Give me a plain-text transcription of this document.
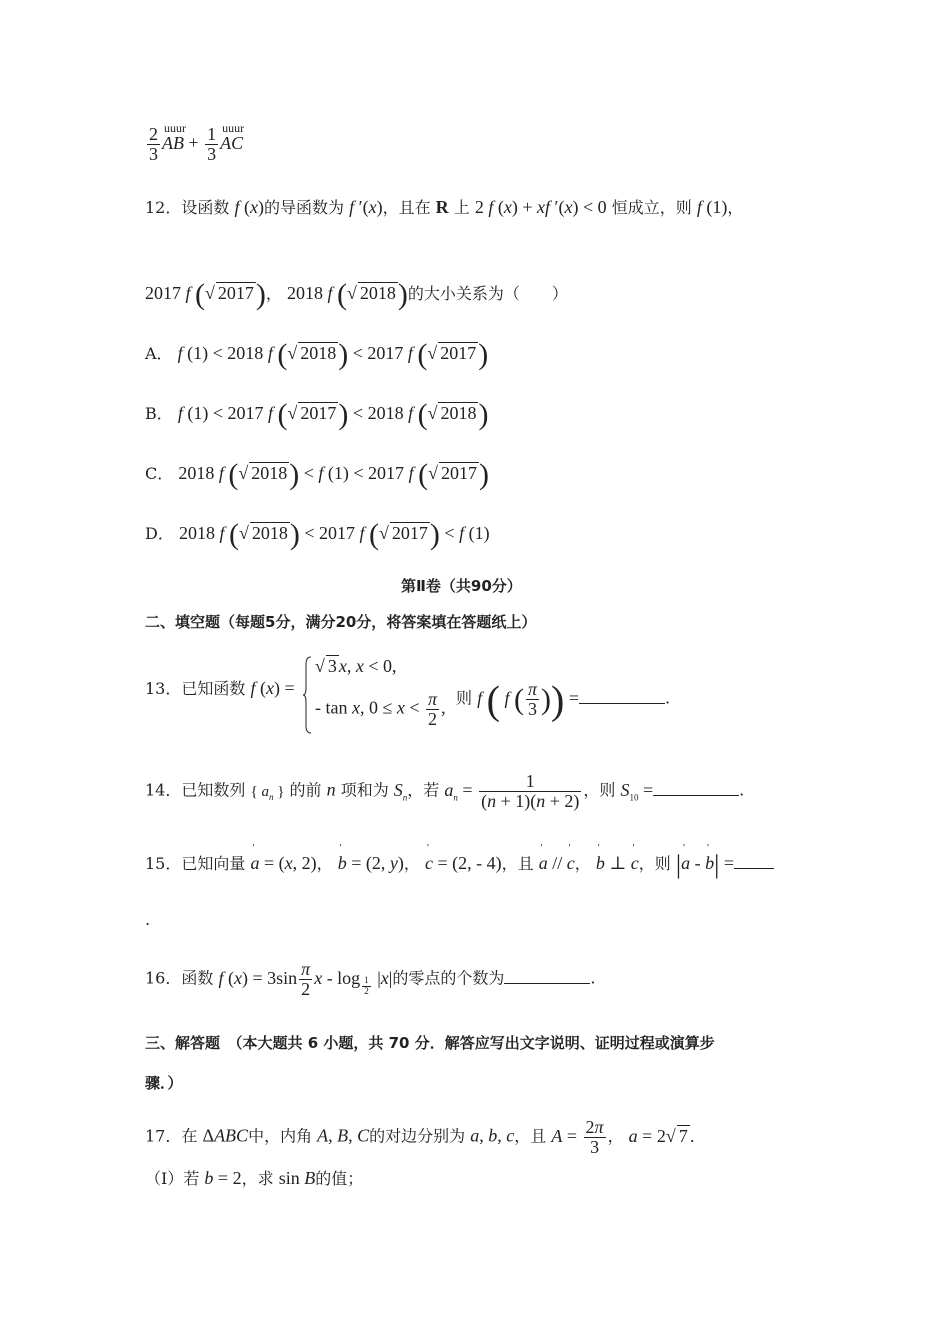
$\frac{2}{3}$ uuur
AB + $\frac{1}{3}$ uuur
AC
12．设函数 f (x)的导函数为 f ′(x)，且在 R 上 2 f (x) + xf ′(x) < 0 恒成立，则 f (1)，
2017 f (√ 2017)， 2018 f (√ 2018)的大小关系为（　　）
A． f (1) < 2018 f (√ 2018) < 2017 f (√ 2017)
B． f (1) < 2017 f (√ 2017) < 2018 f (√ 2018)
C． 2018 f (√ 2018) < f (1) < 2017 f (√ 2017)
D． 2018 f (√ 2018) < 2017 f (√ 2017) < f (1)
第Ⅱ卷（共90分）
二、填空题（每题5分，满分20分，将答案填在答题纸上）
13．已知函数 f (x) =
√ 3 x, x < 0,
- tan x, $0 \le x < \frac{\pi}{2}$ , 则 f ( f ( $\frac{\pi}{3}$ )) =	.
14．已知数列 { $a_n$ } 的前 n 项和为 $S_n$，若 $a_n = \frac{1}{(n + 1)(n + 2)}$ ，则 $S_{10}$ =	.
15．已知向量
'
a = (x, 2)，
'
b = (2, y)，
'
c = (2, - 4)，且
'
a //
'
c，
'
b ⊥
'
c，则 |
'
a -
'
b| =
.
16．函数 f $(x) = 3\sin \frac{\pi}{2}$ x - log $_{\frac{1}{2}}$ |x|的零点的个数为	.
三、解答题　（本大题共 6 小题，共 70 分．解答应写出文字说明、证明过程或演算步
骤．）
17．在 ΔABC中，内角 A, B, C的对边分别为 a, b, c，且 $A = \frac{2\pi}{3}$ ， a = 2√ 7 ．
（Ⅰ）若 b = 2，求 sin B的值；
